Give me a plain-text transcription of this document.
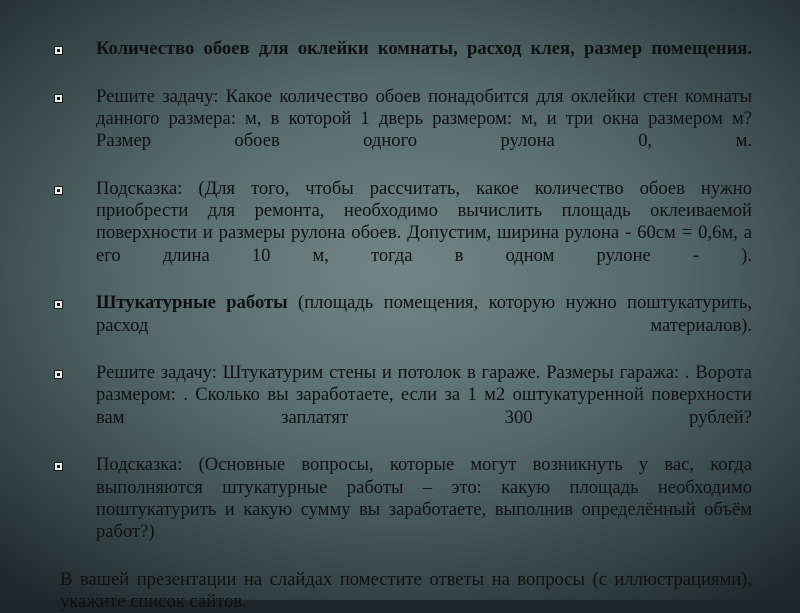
Количество обоев для оклейки комнаты, расход клея, размер помещения.
Решите задачу: Какое количество обоев понадобится для оклейки стен комнаты данного размера: м, в которой 1 дверь размером: м, и три окна размером м? Размер обоев одного рулона 0, м.
Подсказка: (Для того, чтобы рассчитать, какое количество обоев нужно приобрести для ремонта, необходимо вычислить площадь оклеиваемой поверхности и размеры рулона обоев. Допустим, ширина рулона - 60см = 0,6м, а его длина 10 м, тогда в одном рулоне - ).
Штукатурные работы (площадь помещения, которую нужно поштукатурить, расход материалов).
Решите задачу: Штукатурим стены и потолок в гараже. Размеры гаража: . Ворота размером: . Сколько вы заработаете, если за 1 м2 оштукатуренной поверхности вам заплатят 300 рублей?
Подсказка: (Основные вопросы, которые могут возникнуть у вас, когда выполняются штукатурные работы – это: какую площадь необходимо поштукатурить и какую сумму вы заработаете, выполнив определённый объём работ?)
В вашей презентации на слайдах поместите ответы на вопросы (с иллюстрациями), укажите список сайтов.
